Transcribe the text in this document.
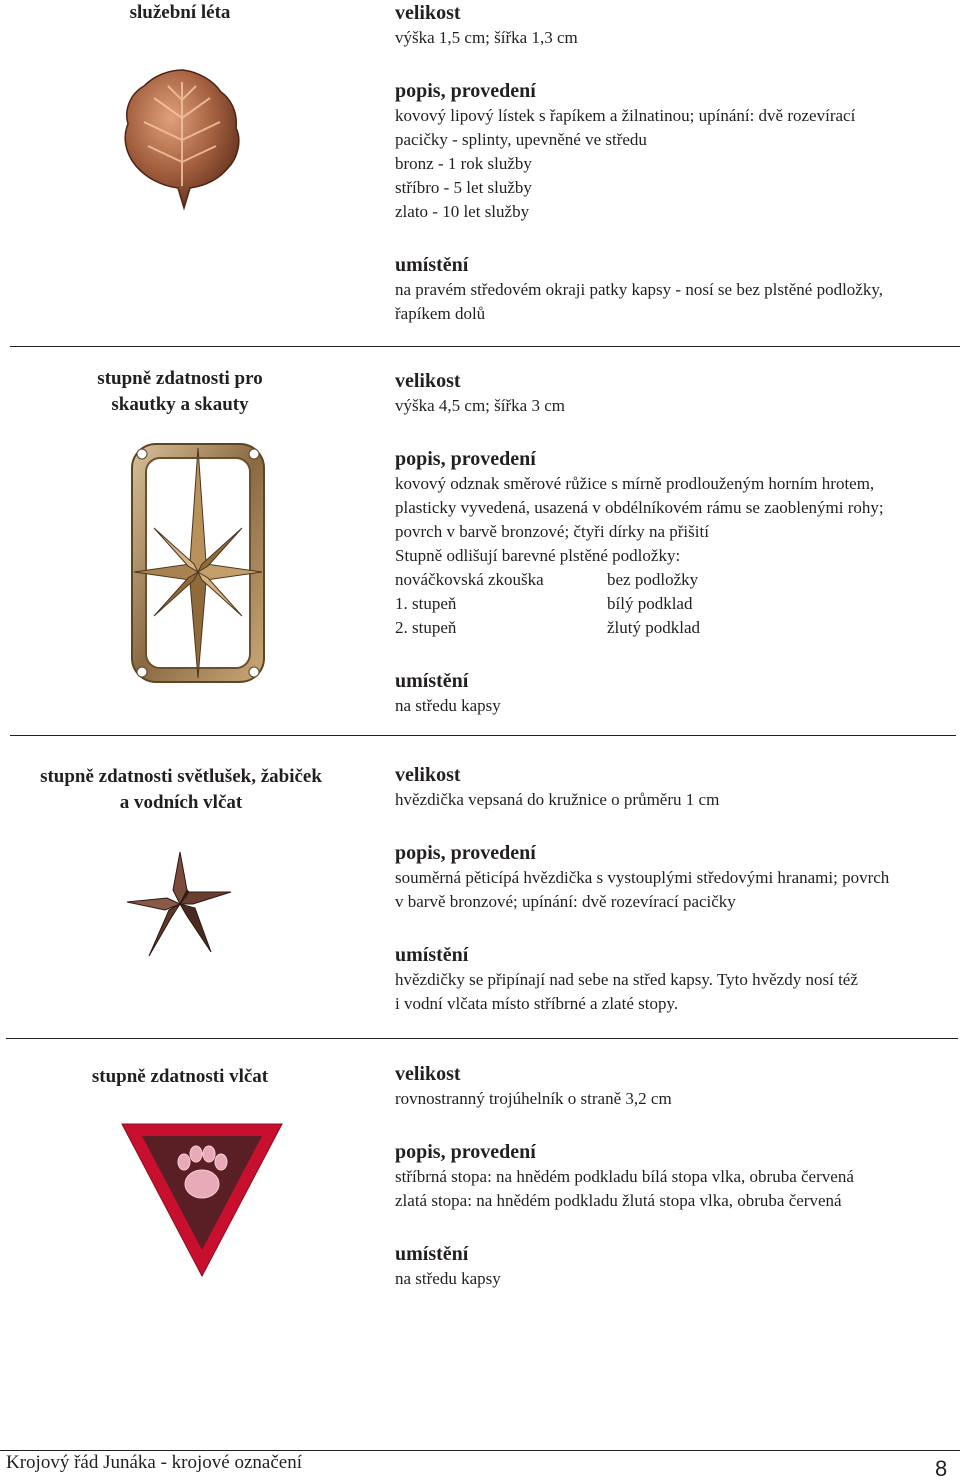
služební léta	velikost
výška 1,5 cm; šířka 1,3 cm
popis, provedení
kovový lipový lístek s řapíkem a žilnatinou; upínání: dvě rozevírací
pacičky - splinty, upevněné ve středu
bronz - 1 rok služby
stříbro - 5 let služby
zlato - 10 let služby
umístění
na pravém středovém okraji patky kapsy - nosí se bez plstěné podložky,
řapíkem dolů
stupně zdatnosti pro
skautky a skauty
velikost
výška 4,5 cm; šířka 3 cm
popis, provedení
kovový odznak směrové růžice s mírně prodlouženým horním hrotem,
plasticky vyvedená, usazená v obdélníkovém rámu se zaoblenými rohy;
povrch v barvě bronzové; čtyři dírky na přišití
Stupně odlišují barevné plstěné podložky:
nováčkovská zkouška	bez podložky
1. stupeň	bílý podklad
2. stupeň	žlutý podklad
umístění
na středu kapsy
stupně zdatnosti světlušek, žabiček
a vodních vlčat
velikost
hvězdička vepsaná do kružnice o průměru 1 cm
popis, provedení
souměrná pěticípá hvězdička s vystouplými středovými hranami; povrch
v barvě bronzové; upínání: dvě rozevírací pacičky
umístění
hvězdičky se připínají nad sebe na střed kapsy. Tyto hvězdy nosí též
i vodní vlčata místo stříbrné a zlaté stopy.
stupně zdatnosti vlčat	velikost
rovnostranný trojúhelník o straně 3,2 cm
popis, provedení
stříbrná stopa: na hnědém podkladu bílá stopa vlka, obruba červená
zlatá stopa: na hnědém podkladu žlutá stopa vlka, obruba červená
umístění
na středu kapsy
Krojový řád Junáka - krojové označení	8
